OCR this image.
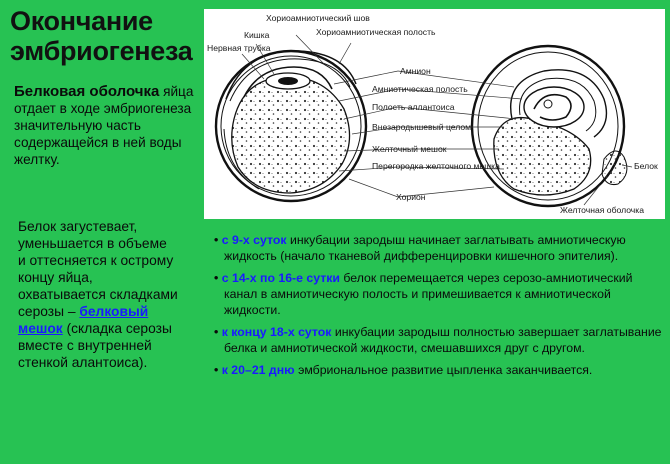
Окончание
эмбриогенеза
Белковая оболочка яйца отдает в ходе эмбриогенеза значительную часть содержащейся в ней воды желтку.
Хориоамниотический шов
Кишка
Нервная трубка
Хориоамниотическая полость
Амнион
Амниотическая полость
Полость аллантоиса
Внезародышевый целом
Желточный мешок
Перегородка желточного мешка
Хорион
Белок
Желточная оболочка
Белок загустевает, уменьшается в объеме и оттесняется к острому концу яйца, охватывается складками серозы – белковый мешок (складка серозы вместе с внутренней стенкой алантоиса).
• с 9-х суток инкубации зародыш начинает заглатывать амниотическую жидкость (начало тканевой дифференцировки кишечного эпителия).
• с 14-х по 16-е сутки белок перемещается через серозо-амниотический канал в амниотическую полость и примешивается к амниотической жидкости.
• к концу 18-х суток инкубации зародыш полностью завершает заглатывание белка и амниотической жидкости, смешавшихся друг с другом.
• к 20–21 дню эмбриональное развитие цыпленка заканчивается.
